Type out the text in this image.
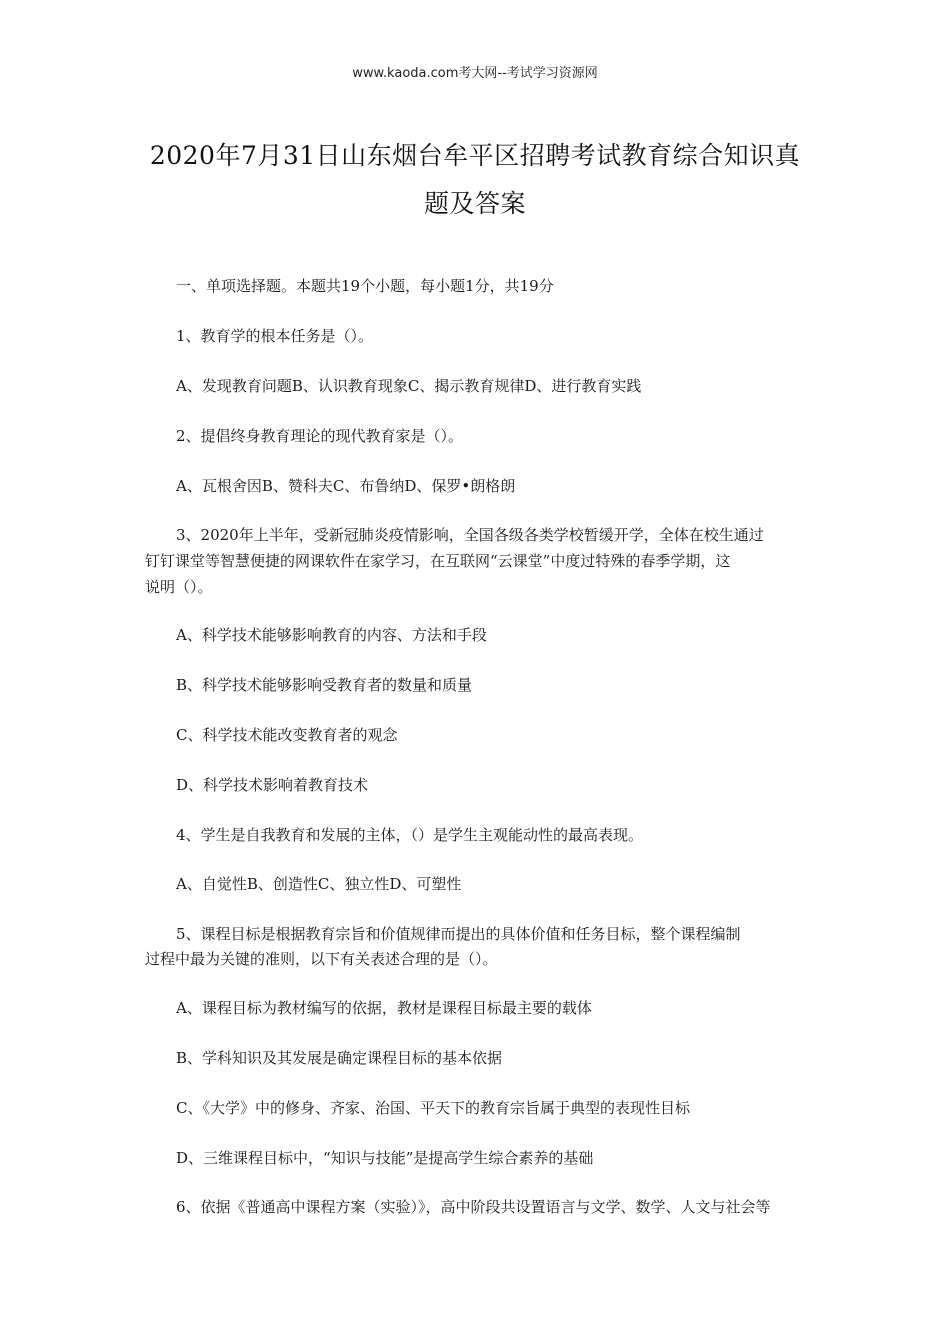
www.kaoda.com考大网--考试学习资源网
2020年7月31日山东烟台牟平区招聘考试教育综合知识真
题及答案
一、单项选择题。本题共19个小题，每小题1分，共19分
1、教育学的根本任务是（）。
A、发现教育问题B、认识教育现象C、揭示教育规律D、进行教育实践
2、提倡终身教育理论的现代教育家是（）。
A、瓦根舍因B、赞科夫C、布鲁纳D、保罗•朗格朗
3、2020年上半年，受新冠肺炎疫情影响，全国各级各类学校暂缓开学，全体在校生通过
钉钉课堂等智慧便捷的网课软件在家学习，在互联网“云课堂”中度过特殊的春季学期，这
说明（）。
A、科学技术能够影响教育的内容、方法和手段
B、科学技术能够影响受教育者的数量和质量
C、科学技术能改变教育者的观念
D、科学技术影响着教育技术
4、学生是自我教育和发展的主体，（）是学生主观能动性的最高表现。
A、自觉性B、创造性C、独立性D、可塑性
5、课程目标是根据教育宗旨和价值规律而提出的具体价值和任务目标，整个课程编制
过程中最为关键的准则，以下有关表述合理的是（）。
A、课程目标为教材编写的依据，教材是课程目标最主要的载体
B、学科知识及其发展是确定课程目标的基本依据
C、《大学》中的修身、齐家、治国、平天下的教育宗旨属于典型的表现性目标
D、三维课程目标中，“知识与技能”是提高学生综合素养的基础
6、依据《普通高中课程方案（实验）》，高中阶段共设置语言与文学、数学、人文与社会等
